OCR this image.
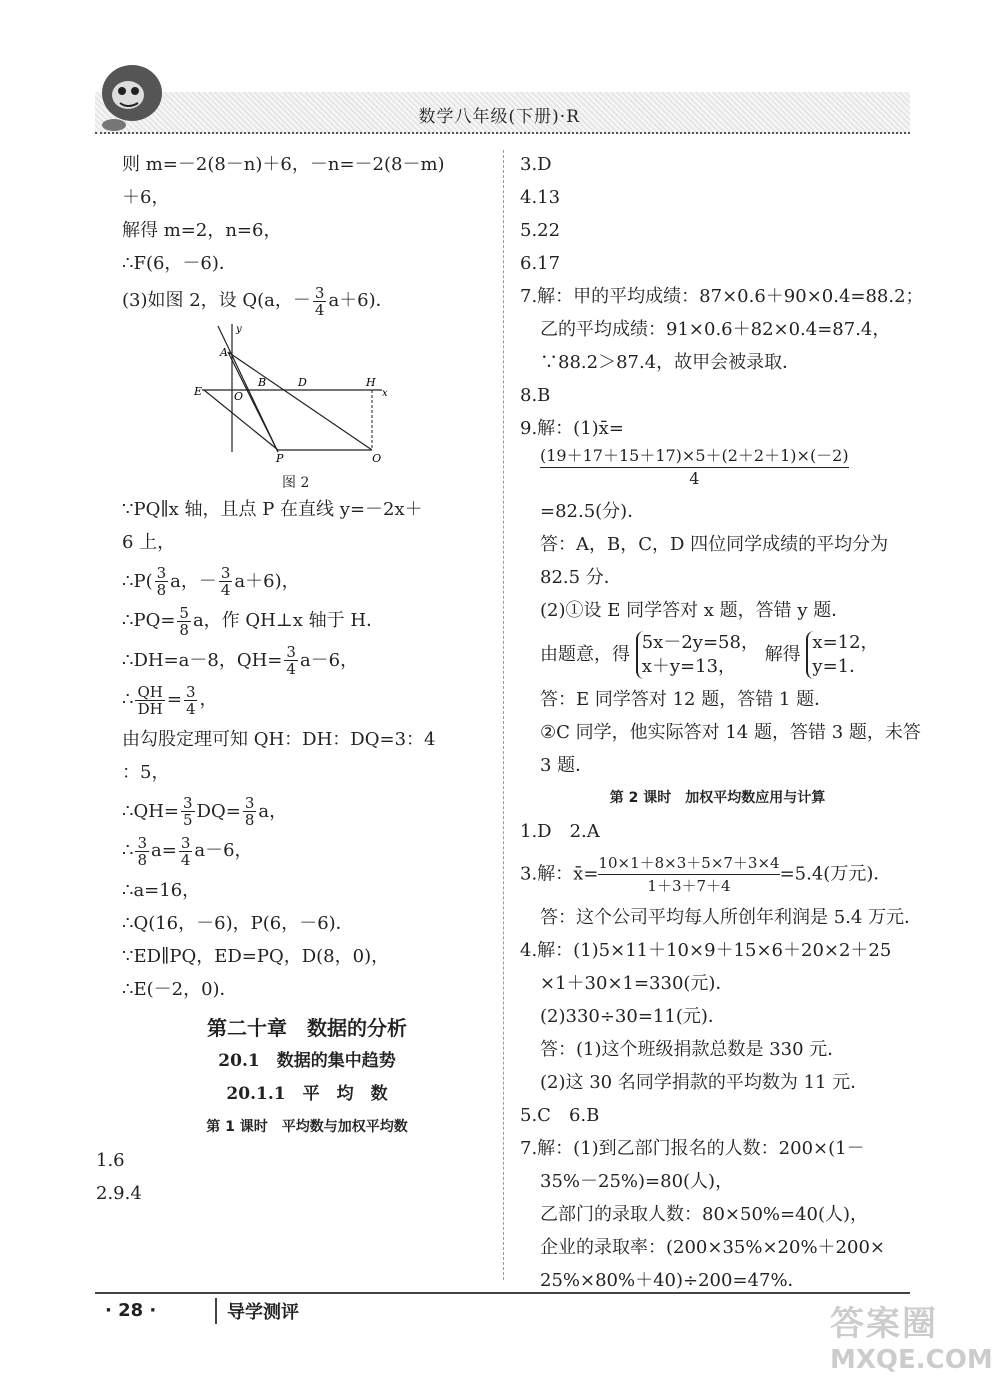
数学八年级(下册)·R
则 m=－2(8－n)＋6，－n=－2(8－m)
＋6，
解得 m=2，n=6，
∴F(6，－6)．
(3)如图 2，设 Q(a，－ $\frac{3}{4} a+6$)．
A
B	D	H
E	O
P	Q
x
y
图 2
∵PQ∥x 轴，且点 P 在直线 y=－2x＋
6 上，
∴P( $\frac{3}{8}$ a，－ $\frac{3}{4} a+6$)，
∴PQ= $\frac{5}{8}$ a，作 QH⊥x 轴于 H．
∴DH=a－8，$QH= \frac{3}{4} a-6$，
∴ $\frac{QH}{DH} = \frac{3}{4}$ ，
由勾股定理可知 QH：DH：DQ=3：4
：5，
∴QH= $\frac{3}{5} DQ= \frac{3}{8}$ a，
∴ $\frac{3}{8} a= \frac{3}{4} a-6$，
∴a=16，
∴Q(16，－6)，P(6，－6)．
∵ED∥PQ，ED=PQ，D(8，0)，
∴E(－2，0)．
第二十章　数据的分析
20.1　数据的集中趋势
20.1.1　平　均　数
第 1 课时　平均数与加权平均数
1.6
2.9.4
3.D
4.13
5.22
6.17
7.解：甲的平均成绩：87×0.6＋90×0.4=88.2；
乙的平均成绩：91×0.6＋82×0.4=87.4，
∵88.2＞87.4，故甲会被录取．
8.B
9.解：(1)x̄=
$\frac{(19+17+15+17)\times 5+(2+2+1)\times(-2)}{4}$
=82.5(分)．
答：A，B，C，D 四位同学成绩的平均分为
82.5 分．
(2)①设 E 同学答对 x 题，答错 y 题．
由题意，得
5x－2y=58，
x＋y=13，
解得
x=12，
y=1．
答：E 同学答对 12 题，答错 1 题．
②C 同学，他实际答对 14 题，答错 3 题，未答
3 题．
第 2 课时　加权平均数应用与计算
1.D　2.A
3.解：x̄= $\frac{10\times 1+8\times 3+5\times 7+3\times 4}{1+3+7+4}=5.4$(万元)．
答：这个公司平均每人所创年利润是 5.4 万元．
4.解：(1)5×11＋10×9＋15×6＋20×2＋25
×1＋30×1=330(元)．
(2)330÷30=11(元)．
答：(1)这个班级捐款总数是 330 元．
(2)这 30 名同学捐款的平均数为 11 元．
5.C　6.B
7.解：(1)到乙部门报名的人数：200×(1－
35%－25%)=80(人)，
乙部门的录取人数：80×50%=40(人)，
企业的录取率：(200×35%×20%＋200×
25%×80%＋40)÷200=47%．
· 28 ·	导学测评	答案圈
MXQE.COM
